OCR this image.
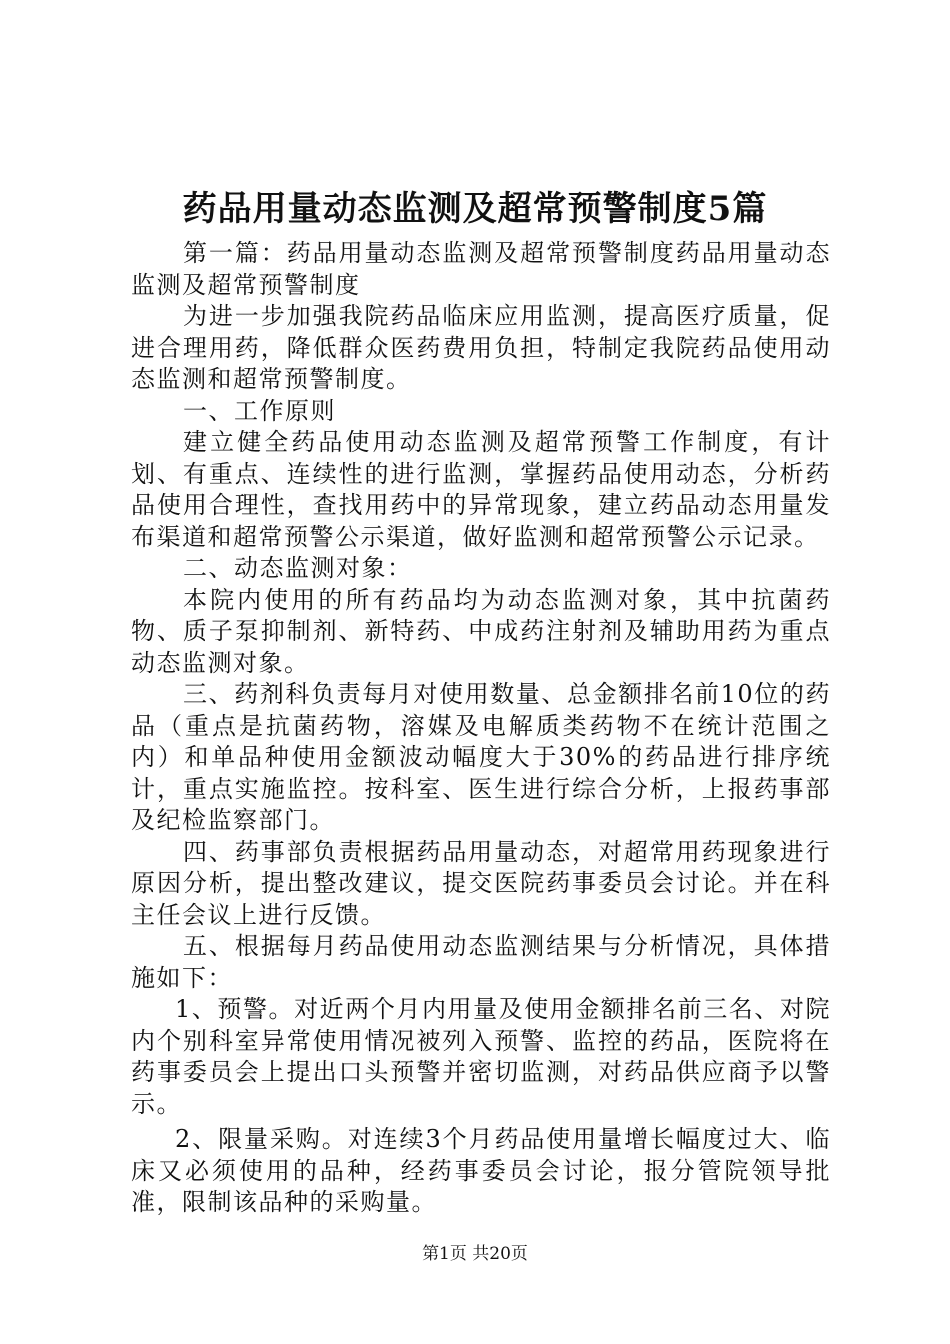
药品用量动态监测及超常预警制度5篇

第一篇：药品用量动态监测及超常预警制度药品用量动态监测及超常预警制度

为进一步加强我院药品临床应用监测，提高医疗质量，促进合理用药，降低群众医药费用负担，特制定我院药品使用动态监测和超常预警制度。

一、工作原则

建立健全药品使用动态监测及超常预警工作制度，有计划、有重点、连续性的进行监测，掌握药品使用动态，分析药品使用合理性，查找用药中的异常现象，建立药品动态用量发布渠道和超常预警公示渠道，做好监测和超常预警公示记录。

二、动态监测对象：

本院内使用的所有药品均为动态监测对象，其中抗菌药物、质子泵抑制剂、新特药、中成药注射剂及辅助用药为重点动态监测对象。

三、药剂科负责每月对使用数量、总金额排名前10位的药品（重点是抗菌药物，溶媒及电解质类药物不在统计范围之内）和单品种使用金额波动幅度大于30%的药品进行排序统计，重点实施监控。按科室、医生进行综合分析，上报药事部及纪检监察部门。

四、药事部负责根据药品用量动态，对超常用药现象进行原因分析，提出整改建议，提交医院药事委员会讨论。并在科主任会议上进行反馈。

五、根据每月药品使用动态监测结果与分析情况，具体措施如下：

1、预警。对近两个月内用量及使用金额排名前三名、对院内个别科室异常使用情况被列入预警、监控的药品，医院将在药事委员会上提出口头预警并密切监测，对药品供应商予以警示。

2、限量采购。对连续3个月药品使用量增长幅度过大、临床又必须使用的品种，经药事委员会讨论，报分管院领导批准，限制该品种的采购量。

第1页 共20页
